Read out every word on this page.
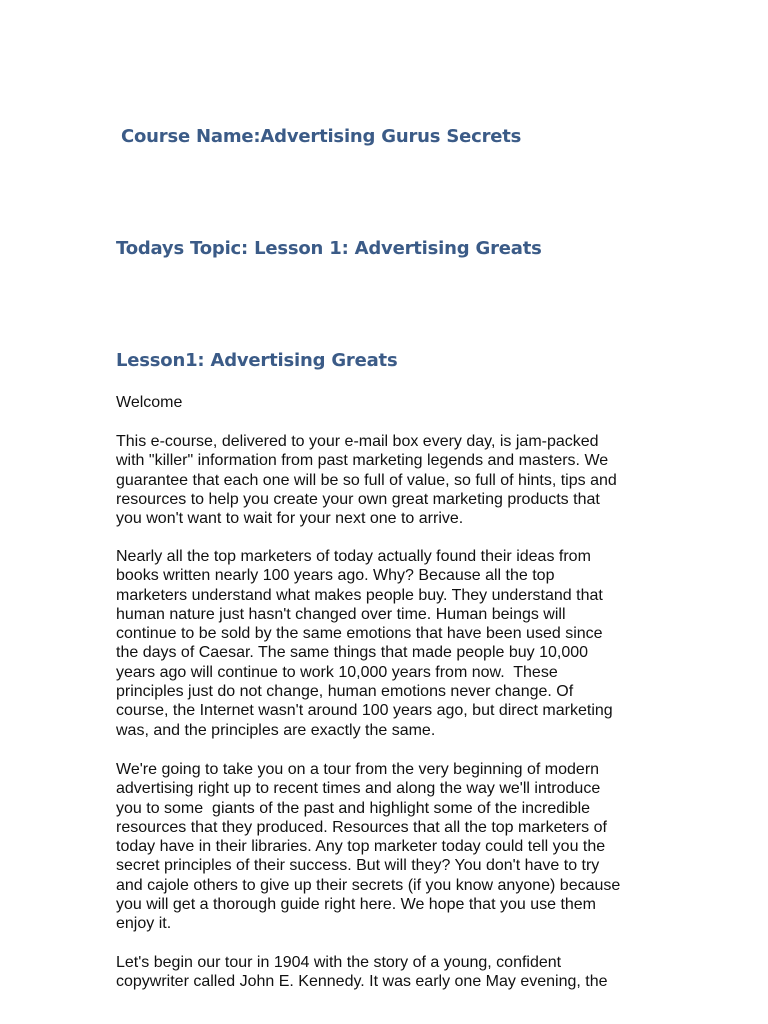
Course Name:Advertising Gurus Secrets
Todays Topic: Lesson 1: Advertising Greats
Lesson1: Advertising Greats

Welcome

This e-course, delivered to your e-mail box every day, is jam-packed
with "killer" information from past marketing legends and masters. We
guarantee that each one will be so full of value, so full of hints, tips and
resources to help you create your own great marketing products that
you won't want to wait for your next one to arrive.

Nearly all the top marketers of today actually found their ideas from
books written nearly 100 years ago. Why? Because all the top
marketers understand what makes people buy. They understand that
human nature just hasn't changed over time. Human beings will
continue to be sold by the same emotions that have been used since
the days of Caesar. The same things that made people buy 10,000
years ago will continue to work 10,000 years from now.  These
principles just do not change, human emotions never change. Of
course, the Internet wasn't around 100 years ago, but direct marketing
was, and the principles are exactly the same.

We're going to take you on a tour from the very beginning of modern
advertising right up to recent times and along the way we'll introduce
you to some  giants of the past and highlight some of the incredible
resources that they produced. Resources that all the top marketers of
today have in their libraries. Any top marketer today could tell you the
secret principles of their success. But will they? You don't have to try
and cajole others to give up their secrets (if you know anyone) because
you will get a thorough guide right here. We hope that you use them
enjoy it.

Let's begin our tour in 1904 with the story of a young, confident
copywriter called John E. Kennedy. It was early one May evening, the
